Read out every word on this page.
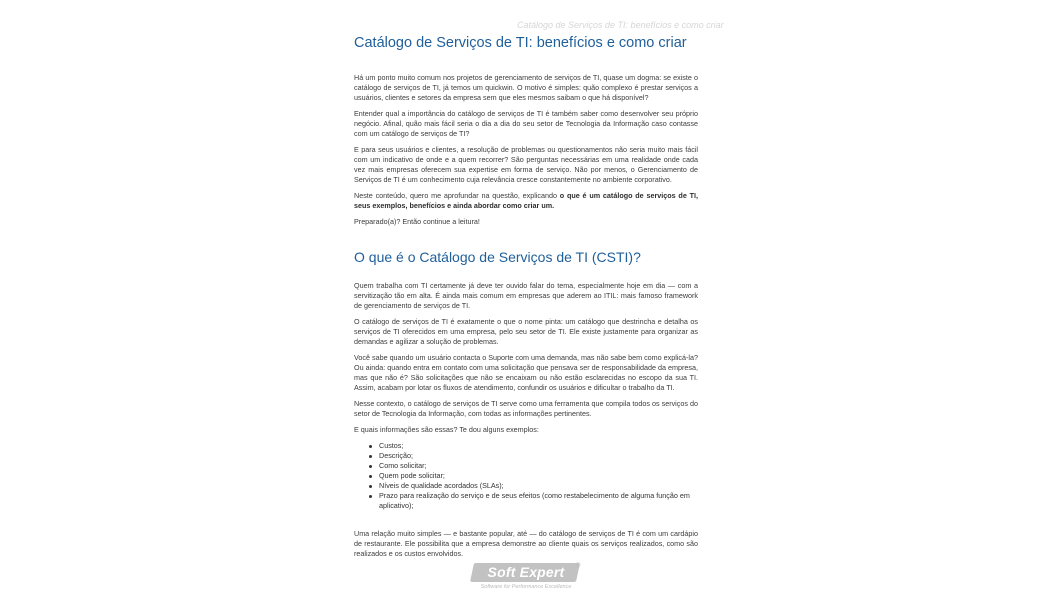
Catálogo de Serviços de TI: benefícios e como criar
Catálogo de Serviços de TI: benefícios e como criar

Há um ponto muito comum nos projetos de gerenciamento de serviços de TI, quase um dogma: se existe o catálogo de serviços de TI, já temos um quickwin. O motivo é simples: quão complexo é prestar serviços a usuários, clientes e setores da empresa sem que eles mesmos saibam o que há disponível?

Entender qual a importância do catálogo de serviços de TI é também saber como desenvolver seu próprio negócio. Afinal, quão mais fácil seria o dia a dia do seu setor de Tecnologia da Informação caso contasse com um catálogo de serviços de TI?

E para seus usuários e clientes, a resolução de problemas ou questionamentos não seria muito mais fácil com um indicativo de onde e a quem recorrer? São perguntas necessárias em uma realidade onde cada vez mais empresas oferecem sua expertise em forma de serviço. Não por menos, o Gerenciamento de Serviços de TI é um conhecimento cuja relevância cresce constantemente no ambiente corporativo.

Neste conteúdo, quero me aprofundar na questão, explicando o que é um catálogo de serviços de TI, seus exemplos, benefícios e ainda abordar como criar um.

Preparado(a)? Então continue a leitura!

O que é o Catálogo de Serviços de TI (CSTI)?

Quem trabalha com TI certamente já deve ter ouvido falar do tema, especialmente hoje em dia — com a servitização tão em alta. É ainda mais comum em empresas que aderem ao ITIL: mais famoso framework de gerenciamento de serviços de TI.

O catálogo de serviços de TI é exatamente o que o nome pinta: um catálogo que destrincha e detalha os serviços de TI oferecidos em uma empresa, pelo seu setor de TI. Ele existe justamente para organizar as demandas e agilizar a solução de problemas.

Você sabe quando um usuário contacta o Suporte com uma demanda, mas não sabe bem como explicá-la? Ou ainda: quando entra em contato com uma solicitação que pensava ser de responsabilidade da empresa, mas que não é? São solicitações que não se encaixam ou não estão esclarecidas no escopo da sua TI. Assim, acabam por lotar os fluxos de atendimento, confundir os usuários e dificultar o trabalho da TI.

Nesse contexto, o catálogo de serviços de TI serve como uma ferramenta que compila todos os serviços do setor de Tecnologia da Informação, com todas as informações pertinentes.

E quais informações são essas? Te dou alguns exemplos:

Custos;
Descrição;
Como solicitar;
Quem pode solicitar;
Níveis de qualidade acordados (SLAs);
Prazo para realização do serviço e de seus efeitos (como restabelecimento de alguma função em aplicativo);

Uma relação muito simples — e bastante popular, até — do catálogo de serviços de TI é com um cardápio de restaurante. Ele possibilita que a empresa demonstre ao cliente quais os serviços realizados, como são realizados e os custos envolvidos.

Soft Expert	®
Software for Performance Excellence
